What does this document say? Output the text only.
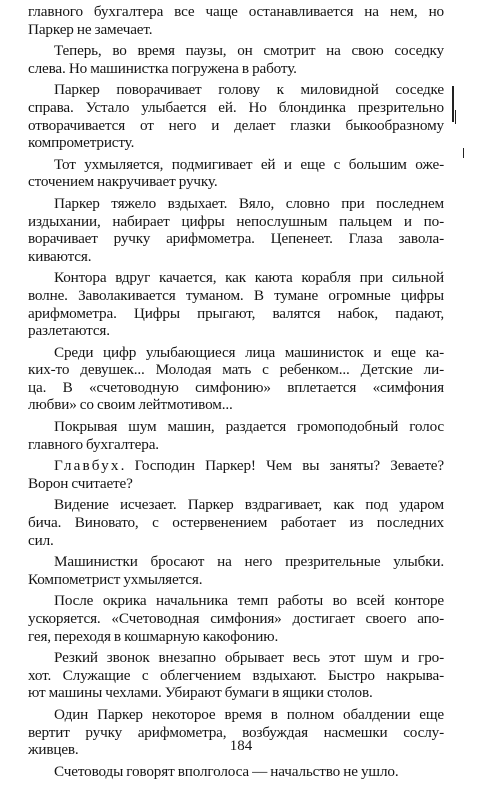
главного бухгалтера все чаще останавливается на нем, но
Паркер не замечает.

Теперь, во время паузы, он смотрит на свою соседку
слева. Но машинистка погружена в работу.

Паркер поворачивает голову к миловидной соседке
справа. Устало улыбается ей. Но блондинка презрительно
отворачивается от него и делает глазки быкообразному
компрометристу.

Тот ухмыляется, подмигивает ей и еще с большим оже-
сточением накручивает ручку.

Паркер тяжело вздыхает. Вяло, словно при последнем
издыхании, набирает цифры непослушным пальцем и по-
ворачивает ручку арифмометра. Цепенеет. Глаза завола-
киваются.

Контора вдруг качается, как каюта корабля при сильной
волне. Заволакивается туманом. В тумане огромные цифры
арифмометра. Цифры прыгают, валятся набок, падают,
разлетаются.

Среди цифр улыбающиеся лица машинисток и еще ка-
ких-то девушек... Молодая мать с ребенком... Детские ли-
ца. В «счетоводную симфонию» вплетается «симфония
любви» со своим лейтмотивом...

Покрывая шум машин, раздается громоподобный голос
главного бухгалтера.

Главбух. Господин Паркер! Чем вы заняты? Зеваете?
Ворон считаете?

Видение исчезает. Паркер вздрагивает, как под ударом
бича. Виновато, с остервенением работает из последних
сил.

Машинистки бросают на него презрительные улыбки.
Компометрист ухмыляется.

После окрика начальника темп работы во всей конторе
ускоряется. «Счетоводная симфония» достигает своего апо-
гея, переходя в кошмарную какофонию.

Резкий звонок внезапно обрывает весь этот шум и гро-
хот. Служащие с облегчением вздыхают. Быстро накрыва-
ют машины чехлами. Убирают бумаги в ящики столов.

Один Паркер некоторое время в полном обалдении еще
вертит ручку арифмометра, возбуждая насмешки сослу-
живцев.

Счетоводы говорят вполголоса — начальство не ушло.

184
